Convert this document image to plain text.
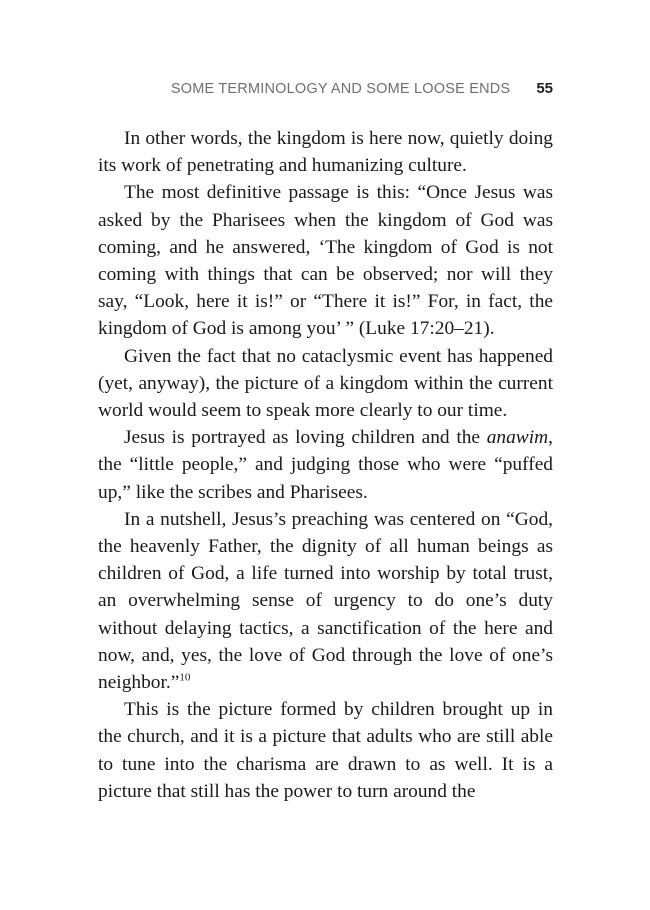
SOME TERMINOLOGY AND SOME LOOSE ENDS 55

In other words, the kingdom is here now, quietly doing its work of penetrating and humanizing culture.

The most definitive passage is this: “Once Jesus was asked by the Pharisees when the kingdom of God was coming, and he answered, ‘The kingdom of God is not coming with things that can be observed; nor will they say, “Look, here it is!” or “There it is!” For, in fact, the kingdom of God is among you’ ” (Luke 17:20–21).

Given the fact that no cataclysmic event has happened (yet, anyway), the picture of a kingdom within the current world would seem to speak more clearly to our time.

Jesus is portrayed as loving children and the anawim, the “little people,” and judging those who were “puffed up,” like the scribes and Pharisees.

In a nutshell, Jesus’s preaching was centered on “God, the heavenly Father, the dignity of all human beings as children of God, a life turned into worship by total trust, an overwhelming sense of urgency to do one’s duty without delaying tactics, a sanctification of the here and now, and, yes, the love of God through the love of one’s neighbor.”$^{10}$

This is the picture formed by children brought up in the church, and it is a picture that adults who are still able to tune into the charisma are drawn to as well. It is a picture that still has the power to turn around the
